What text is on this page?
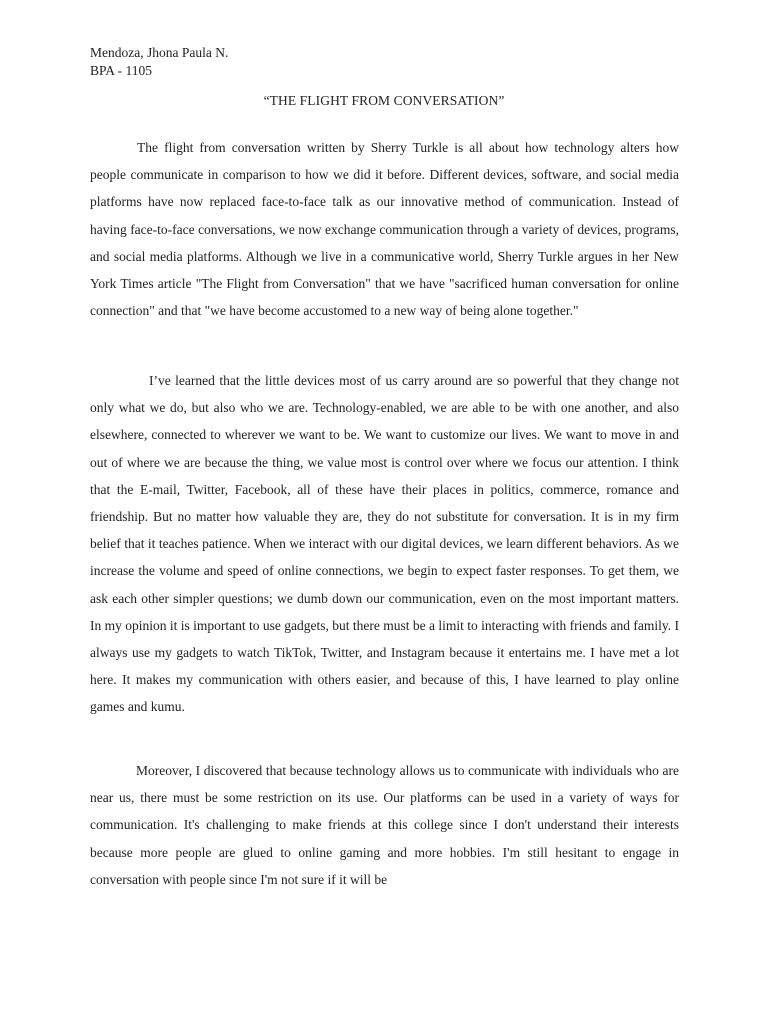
Mendoza, Jhona Paula N.
BPA - 1105
“THE FLIGHT FROM CONVERSATION”

The flight from conversation written by Sherry Turkle is all about how technology alters how people communicate in comparison to how we did it before. Different devices, software, and social media platforms have now replaced face-to-face talk as our innovative method of communication. Instead of having face-to-face conversations, we now exchange communication through a variety of devices, programs, and social media platforms. Although we live in a communicative world, Sherry Turkle argues in her New York Times article "The Flight from Conversation" that we have "sacrificed human conversation for online connection" and that "we have become accustomed to a new way of being alone together."

I’ve learned that the little devices most of us carry around are so powerful that they change not only what we do, but also who we are. Technology-enabled, we are able to be with one another, and also elsewhere, connected to wherever we want to be. We want to customize our lives. We want to move in and out of where we are because the thing, we value most is control over where we focus our attention. I think that the E-mail, Twitter, Facebook, all of these have their places in politics, commerce, romance and friendship. But no matter how valuable they are, they do not substitute for conversation. It is in my firm belief that it teaches patience. When we interact with our digital devices, we learn different behaviors. As we increase the volume and speed of online connections, we begin to expect faster responses. To get them, we ask each other simpler questions; we dumb down our communication, even on the most important matters. In my opinion it is important to use gadgets, but there must be a limit to interacting with friends and family. I always use my gadgets to watch TikTok, Twitter, and Instagram because it entertains me. I have met a lot here. It makes my communication with others easier, and because of this, I have learned to play online games and kumu.

Moreover, I discovered that because technology allows us to communicate with individuals who are near us, there must be some restriction on its use. Our platforms can be used in a variety of ways for communication. It's challenging to make friends at this college since I don't understand their interests because more people are glued to online gaming and more hobbies. I'm still hesitant to engage in conversation with people since I'm not sure if it will be
